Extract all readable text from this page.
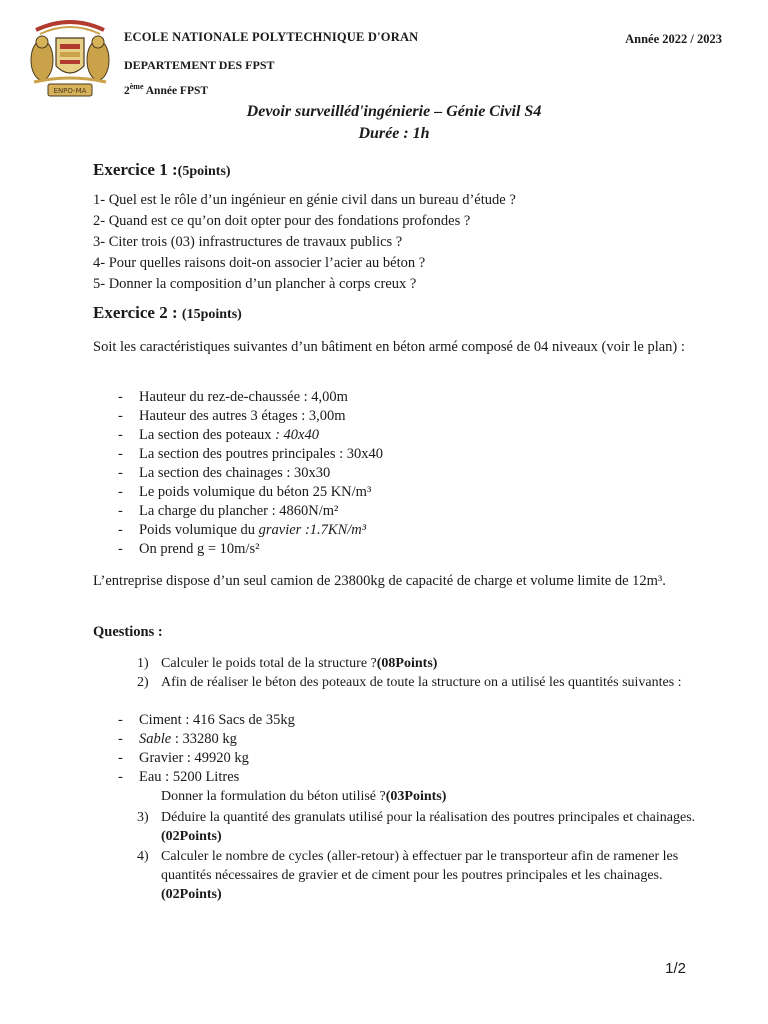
ENPO-MA
ECOLE NATIONALE POLYTECHNIQUE D'ORAN
DEPARTEMENT DES FPST
2ème Année FPST
Année 2022 / 2023
Devoir surveilléd'ingénierie – Génie Civil S4
Durée : 1h
Exercice 1 :(5points)
1- Quel est le rôle d’un ingénieur en génie civil dans un bureau d’étude ?
2- Quand est ce qu’on doit opter pour des fondations profondes ?
3- Citer trois (03) infrastructures de travaux publics ?
4- Pour quelles raisons doit-on associer l’acier au béton ?
5- Donner la composition d’un plancher à corps creux ?
Exercice 2 : (15points)
Soit les caractéristiques suivantes d’un bâtiment en béton armé composé de 04 niveaux (voir le plan) :
- Hauteur du rez-de-chaussée : 4,00m
- Hauteur des autres 3 étages : 3,00m
- La section des poteaux : 40x40
- La section des poutres principales : 30x40
- La section des chainages : 30x30
- Le poids volumique du béton 25 KN/m³
- La charge du plancher : 4860N/m²
- Poids volumique du gravier :1.7KN/m³
- On prend g = 10m/s²
L’entreprise dispose d’un seul camion de 23800kg de capacité de charge et volume limite de 12m³.
Questions :
1) Calculer le poids total de la structure ?(08Points)
2) Afin de réaliser le béton des poteaux de toute la structure on a utilisé les quantités suivantes :
- Ciment : 416 Sacs de 35kg
- Sable : 33280 kg
- Gravier : 49920 kg
- Eau : 5200 Litres
Donner la formulation du béton utilisé ?(03Points)
3) Déduire la quantité des granulats utilisé pour la réalisation des poutres principales et chainages.(02Points)
4) Calculer le nombre de cycles (aller-retour) à effectuer par le transporteur afin de ramener les quantités nécessaires de gravier et de ciment pour les poutres principales et les chainages.(02Points)
1/2
